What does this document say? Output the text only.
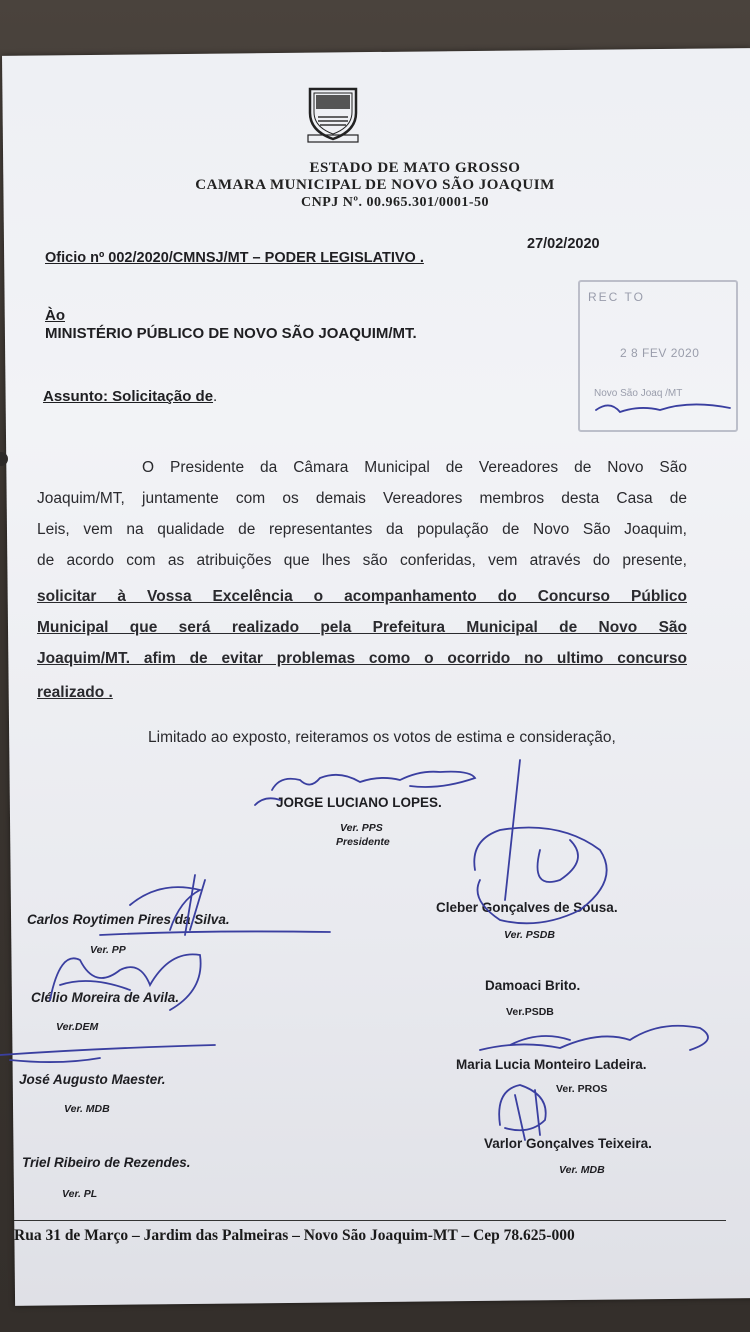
ESTADO DE MATO GROSSO
CAMARA MUNICIPAL DE NOVO SÃO JOAQUIM
CNPJ Nº. 00.965.301/0001-50
Oficio nº 002/2020/CMNSJ/MT – PODER LEGISLATIVO .
27/02/2020
Ào
MINISTÉRIO PÚBLICO DE NOVO SÃO JOAQUIM/MT.
Assunto: Solicitação de.
REC TO
2 8 FEV 2020
Novo São Joaq /MT
O Presidente da Câmara Municipal de Vereadores de Novo São
Joaquim/MT, juntamente com os demais Vereadores membros desta Casa de
Leis, vem na qualidade de representantes da população de Novo São Joaquim,
de acordo com as atribuições que lhes são conferidas, vem através do presente,
solicitar à Vossa Excelência o acompanhamento do Concurso Público
Municipal que será realizado pela Prefeitura Municipal de Novo São
Joaquim/MT. afim de evitar problemas como o ocorrido no ultimo concurso
realizado .
Limitado ao exposto, reiteramos os votos de estima e consideração,
JORGE LUCIANO LOPES.
Ver. PPS
Presidente
Carlos Roytimen Pires da Silva.
Ver. PP
Cleber Gonçalves de Sousa.
Ver. PSDB
Clélio Moreira de Avila.
Ver.DEM
Damoaci Brito.
Ver.PSDB
José Augusto Maester.
Ver. MDB
Maria Lucia Monteiro Ladeira.
Ver. PROS
Varlor Gonçalves Teixeira.
Ver. MDB
Triel Ribeiro de Rezendes.
Ver. PL
Rua 31 de Março – Jardim das Palmeiras – Novo São Joaquim-MT – Cep 78.625-000
